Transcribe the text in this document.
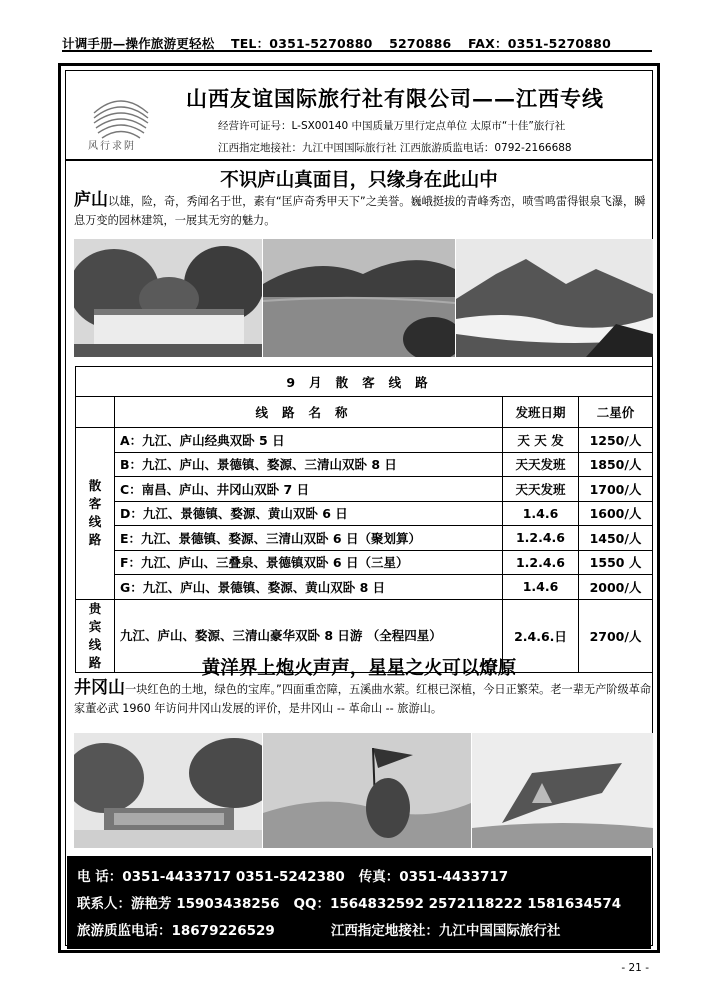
计调手册—操作旅游更轻松 TEL：0351-5270880 5270886 FAX：0351-5270880
风行求阴
山西友谊国际旅行社有限公司——江西专线
经营许可证号：L-SX00140 中国质量万里行定点单位 太原市“十佳”旅行社
江西指定地接社：九江中国国际旅行社 江西旅游质监电话：0792-2166688
不识庐山真面目，只缘身在此山中
庐山以雄，险，奇，秀闻名于世，素有“匡庐奇秀甲天下”之美誉。巍峨挺拔的青峰秀峦，喷雪鸣雷得银泉飞瀑，瞬息万变的园林建筑，一展其无穷的魅力。
9月散客线路			
	线路名称	发班日期	二星价
散客线路	A：九江、庐山经典双卧 5 日	天 天 发	1250/人
	B：九江、庐山、景德镇、婺源、三清山双卧 8 日	天天发班	1850/人
	C：南昌、庐山、井冈山双卧 7 日	天天发班	1700/人
	D：九江、景德镇、婺源、黄山双卧 6 日	1.4.6	1600/人
	E：九江、景德镇、婺源、三清山双卧 6 日（聚划算）	1.2.4.6	1450/人
	F：九江、庐山、三叠泉、景德镇双卧 6 日（三星）	1.2.4.6	1550 人
	G：九江、庐山、景德镇、婺源、黄山双卧 8 日	1.4.6	2000/人
贵宾线路	九江、庐山、婺源、三清山豪华双卧 8 日游 （全程四星）	2.4.6.日	2700/人
黄洋界上炮火声声，星星之火可以燎原
井冈山一块红色的土地，绿色的宝库。”四面重峦障，五溪曲水萦。红根已深植，今日正繁荣。老一辈无产阶级革命家董必武 1960 年访问井冈山发展的评价，是井冈山 -- 革命山 -- 旅游山。
电 话：0351-4433717 0351-5242380 传真：0351-4433717
联系人：游艳芳 15903438256 QQ：1564832592 2572118222 1581634574
旅游质监电话：18679226529	江西指定地接社：九江中国国际旅行社
- 21 -
